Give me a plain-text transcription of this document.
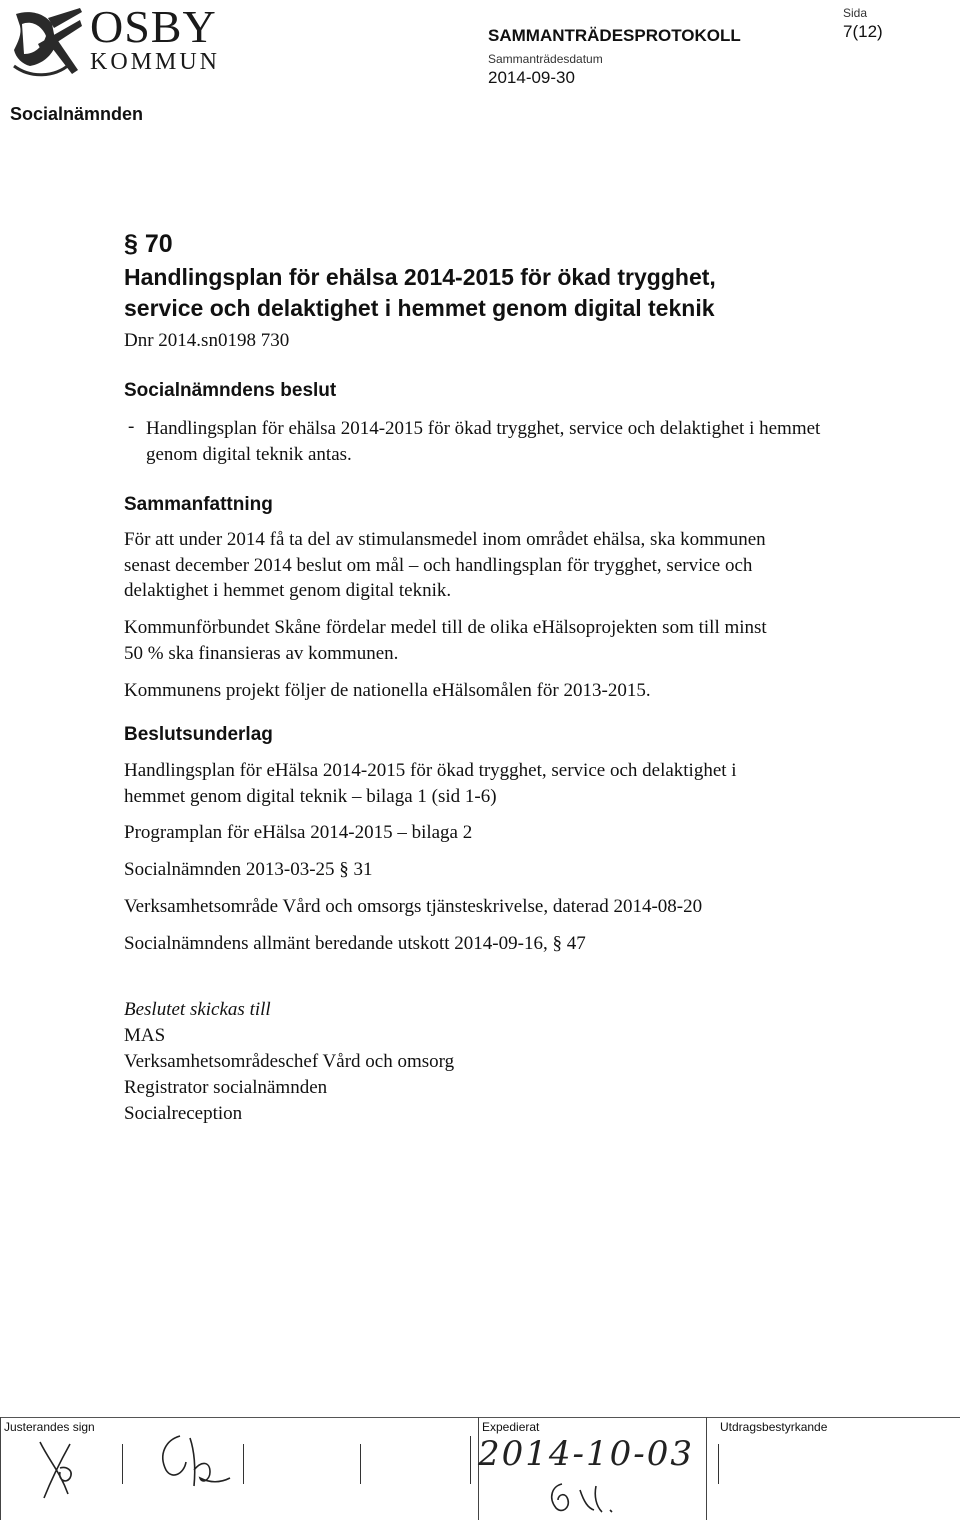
OSBY
KOMMUN
Socialnämnden
SAMMANTRÄDESPROTOKOLL
Sammanträdesdatum
2014-09-30
Sida
7(12)
§ 70
Handlingsplan för ehälsa 2014-2015 för ökad trygghet,
service och delaktighet i hemmet genom digital teknik
Dnr 2014.sn0198 730
Socialnämndens beslut
- Handlingsplan för ehälsa 2014-2015 för ökad trygghet, service och delaktighet i hemmet genom digital teknik antas.
Sammanfattning
För att under 2014 få ta del av stimulansmedel inom området ehälsa, ska kommunen senast december 2014 beslut om mål – och handlingsplan för trygghet, service och delaktighet i hemmet genom digital teknik.
Kommunförbundet Skåne fördelar medel till de olika eHälsoprojekten som till minst 50 % ska finansieras av kommunen.
Kommunens projekt följer de nationella eHälsomålen för 2013-2015.
Beslutsunderlag
Handlingsplan för eHälsa 2014-2015 för ökad trygghet, service och delaktighet i hemmet genom digital teknik – bilaga 1 (sid 1-6)
Programplan för eHälsa 2014-2015 – bilaga 2
Socialnämnden 2013-03-25 § 31
Verksamhetsområde Vård och omsorgs tjänsteskrivelse, daterad 2014-08-20
Socialnämndens allmänt beredande utskott 2014-09-16, § 47
Beslutet skickas till
MAS
Verksamhetsområdeschef Vård och omsorg
Registrator socialnämnden
Socialreception
Justerandes sign	Expedierat	Utdragsbestyrkande
2014-10-03
